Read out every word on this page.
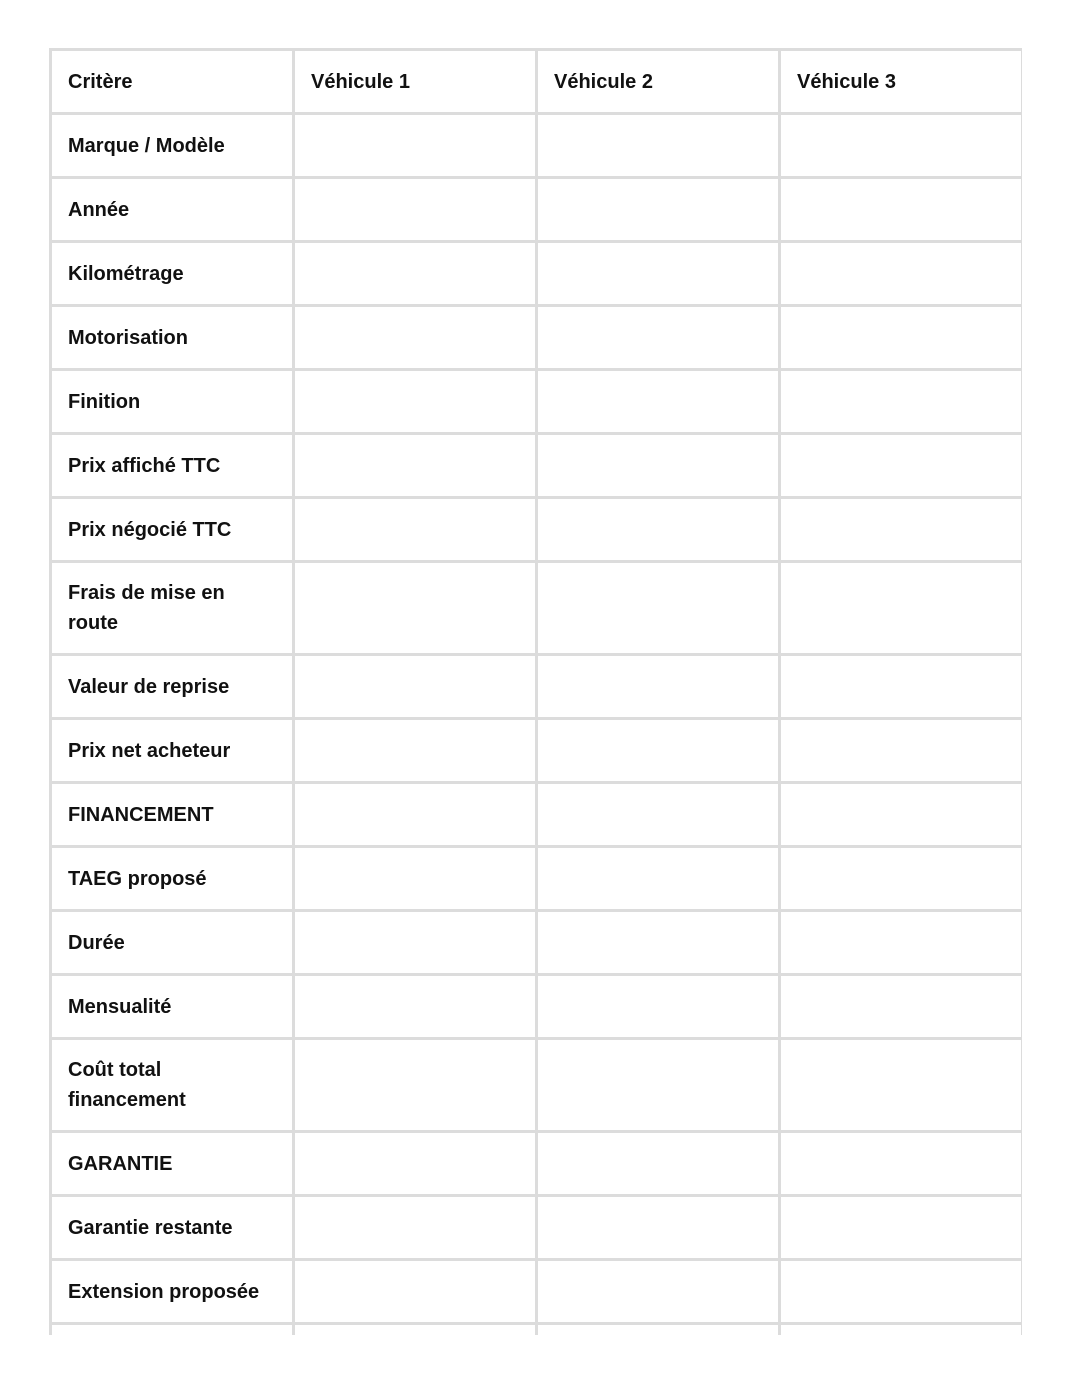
Critère	Véhicule 1	Véhicule 2	Véhicule 3
Marque / Modèle			
Année			
Kilométrage			
Motorisation			
Finition			
Prix affiché TTC			
Prix négocié TTC			
Frais de mise en route			
Valeur de reprise			
Prix net acheteur			
FINANCEMENT			
TAEG proposé			
Durée			
Mensualité			
Coût total financement			
GARANTIE			
Garantie restante			
Extension proposée			
